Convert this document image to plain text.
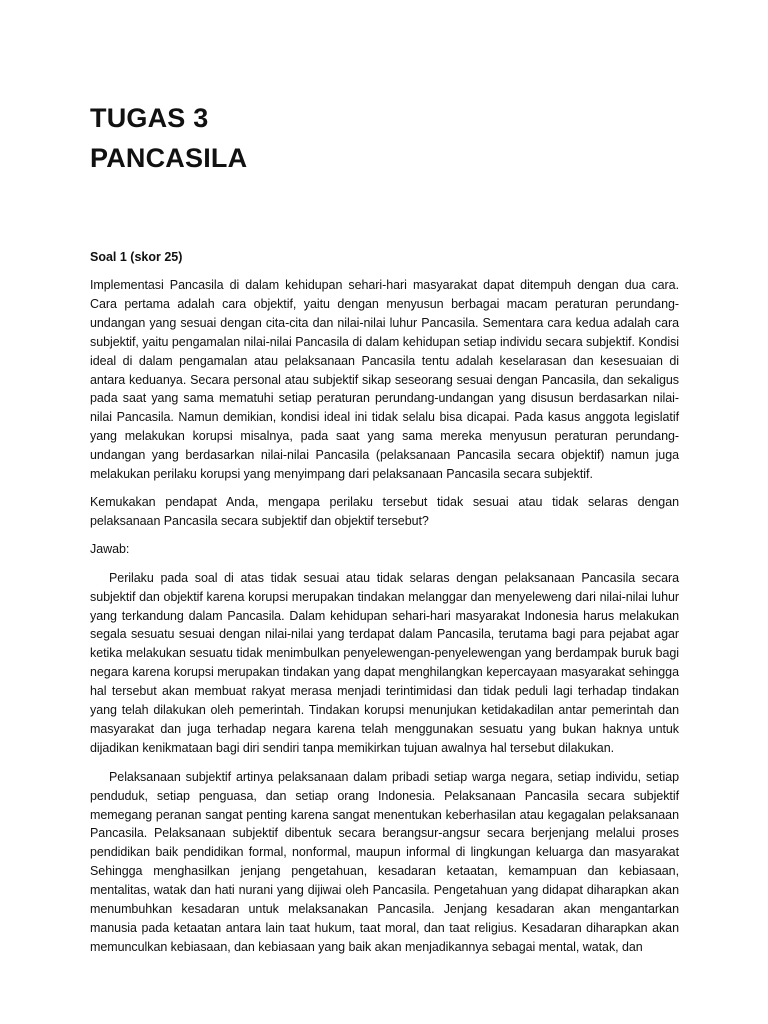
TUGAS 3
PANCASILA

Soal 1 (skor 25)

Implementasi Pancasila di dalam kehidupan sehari-hari masyarakat dapat ditempuh dengan dua cara. Cara pertama adalah cara objektif, yaitu dengan menyusun berbagai macam peraturan perundang-undangan yang sesuai dengan cita-cita dan nilai-nilai luhur Pancasila. Sementara cara kedua adalah cara subjektif, yaitu pengamalan nilai-nilai Pancasila di dalam kehidupan setiap individu secara subjektif. Kondisi ideal di dalam pengamalan atau pelaksanaan Pancasila tentu adalah keselarasan dan kesesuaian di antara keduanya. Secara personal atau subjektif sikap seseorang sesuai dengan Pancasila, dan sekaligus pada saat yang sama mematuhi setiap peraturan perundang-undangan yang disusun berdasarkan nilai-nilai Pancasila. Namun demikian, kondisi ideal ini tidak selalu bisa dicapai. Pada kasus anggota legislatif yang melakukan korupsi misalnya, pada saat yang sama mereka menyusun peraturan perundang-undangan yang berdasarkan nilai-nilai Pancasila (pelaksanaan Pancasila secara objektif) namun juga melakukan perilaku korupsi yang menyimpang dari pelaksanaan Pancasila secara subjektif.

Kemukakan pendapat Anda, mengapa perilaku tersebut tidak sesuai atau tidak selaras dengan pelaksanaan Pancasila secara subjektif dan objektif tersebut?

Jawab:

Perilaku pada soal di atas tidak sesuai atau tidak selaras dengan pelaksanaan Pancasila secara subjektif dan objektif karena korupsi merupakan tindakan melanggar dan menyeleweng dari nilai-nilai luhur yang terkandung dalam Pancasila. Dalam kehidupan sehari-hari masyarakat Indonesia harus melakukan segala sesuatu sesuai dengan nilai-nilai yang terdapat dalam Pancasila, terutama bagi para pejabat agar ketika melakukan sesuatu tidak menimbulkan penyelewengan-penyelewengan yang berdampak buruk bagi negara karena korupsi merupakan tindakan yang dapat menghilangkan kepercayaan masyarakat sehingga hal tersebut akan membuat rakyat merasa menjadi terintimidasi dan tidak peduli lagi terhadap tindakan yang telah dilakukan oleh pemerintah. Tindakan korupsi menunjukan ketidakadilan antar pemerintah dan masyarakat dan juga terhadap negara karena telah menggunakan sesuatu yang bukan haknya untuk dijadikan kenikmataan bagi diri sendiri tanpa memikirkan tujuan awalnya hal tersebut dilakukan.

Pelaksanaan subjektif artinya pelaksanaan dalam pribadi setiap warga negara, setiap individu, setiap penduduk, setiap penguasa, dan setiap orang Indonesia. Pelaksanaan Pancasila secara subjektif memegang peranan sangat penting karena sangat menentukan keberhasilan atau kegagalan pelaksanaan Pancasila. Pelaksanaan subjektif dibentuk secara berangsur-angsur secara berjenjang melalui proses pendidikan baik pendidikan formal, nonformal, maupun informal di lingkungan keluarga dan masyarakat Sehingga menghasilkan jenjang pengetahuan, kesadaran ketaatan, kemampuan dan kebiasaan, mentalitas, watak dan hati nurani yang dijiwai oleh Pancasila. Pengetahuan yang didapat diharapkan akan menumbuhkan kesadaran untuk melaksanakan Pancasila. Jenjang kesadaran akan mengantarkan manusia pada ketaatan antara lain taat hukum, taat moral, dan taat religius. Kesadaran diharapkan akan memunculkan kebiasaan, dan kebiasaan yang baik akan menjadikannya sebagai mental, watak, dan
